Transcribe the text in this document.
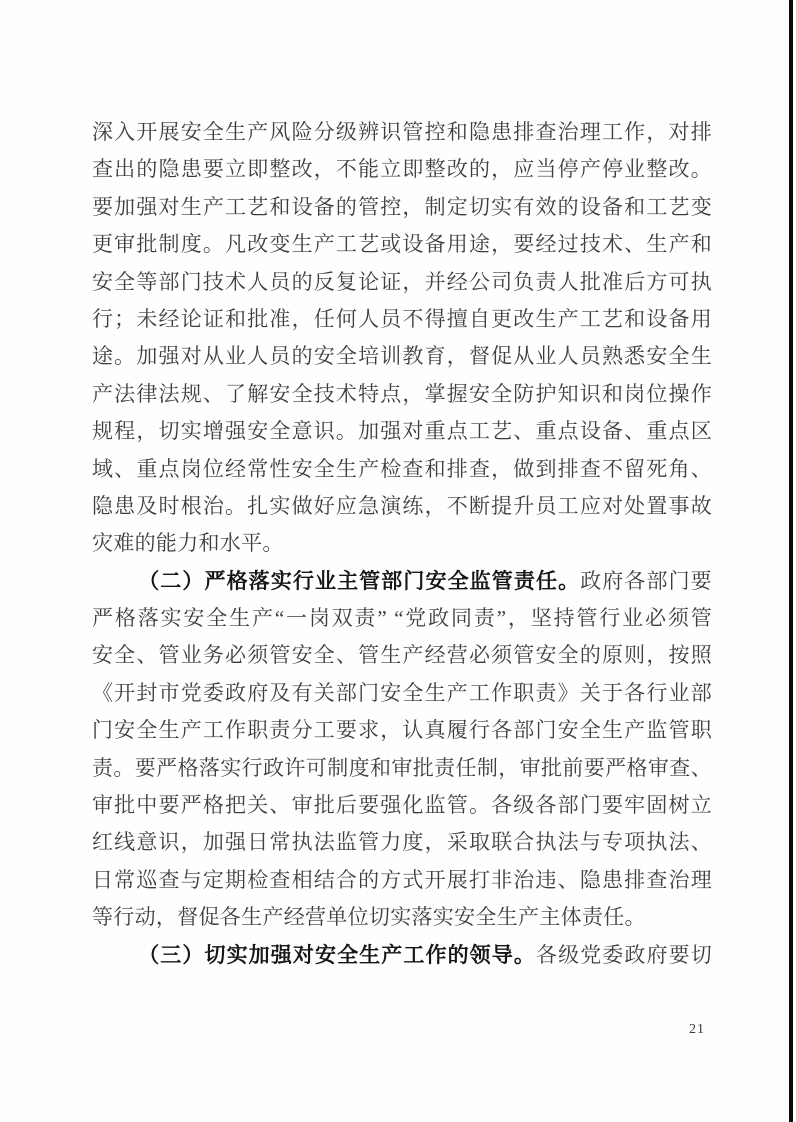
深入开展安全生产风险分级辨识管控和隐患排查治理工作，对排
查出的隐患要立即整改，不能立即整改的，应当停产停业整改。
要加强对生产工艺和设备的管控，制定切实有效的设备和工艺变
更审批制度。凡改变生产工艺或设备用途，要经过技术、生产和
安全等部门技术人员的反复论证，并经公司负责人批准后方可执
行；未经论证和批准，任何人员不得擅自更改生产工艺和设备用
途。加强对从业人员的安全培训教育，督促从业人员熟悉安全生
产法律法规、了解安全技术特点，掌握安全防护知识和岗位操作
规程，切实增强安全意识。加强对重点工艺、重点设备、重点区
域、重点岗位经常性安全生产检查和排查，做到排查不留死角、
隐患及时根治。扎实做好应急演练，不断提升员工应对处置事故
灾难的能力和水平。
（二）严格落实行业主管部门安全监管责任。政府各部门要
严格落实安全生产“一岗双责” “党政同责”，坚持管行业必须管
安全、管业务必须管安全、管生产经营必须管安全的原则，按照
《开封市党委政府及有关部门安全生产工作职责》关于各行业部
门安全生产工作职责分工要求，认真履行各部门安全生产监管职
责。要严格落实行政许可制度和审批责任制，审批前要严格审查、
审批中要严格把关、审批后要强化监管。各级各部门要牢固树立
红线意识，加强日常执法监管力度，采取联合执法与专项执法、
日常巡查与定期检查相结合的方式开展打非治违、隐患排查治理
等行动，督促各生产经营单位切实落实安全生产主体责任。
（三）切实加强对安全生产工作的领导。各级党委政府要切
21
